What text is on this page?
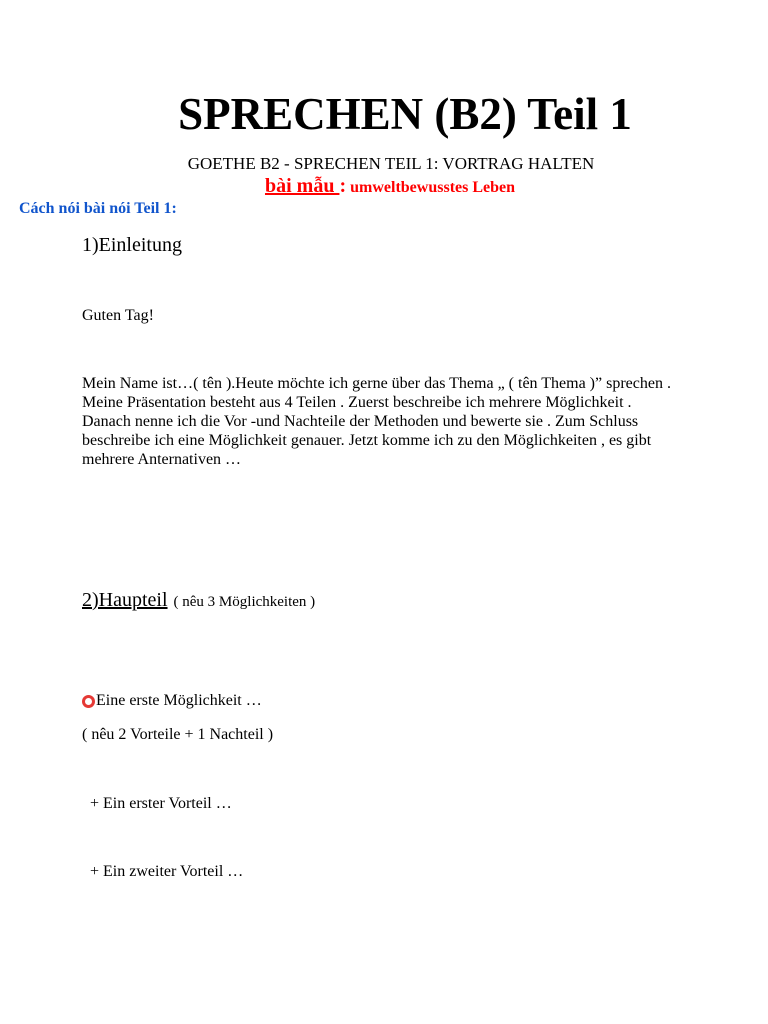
SPRECHEN (B2) Teil 1
GOETHE B2 - SPRECHEN TEIL 1: VORTRAG HALTEN
bài mẫu : umweltbewusstes Leben
Cách nói bài nói Teil 1:
1)Einleitung
Guten Tag!
Mein Name ist…( tên ).Heute möchte ich gerne über das Thema „ ( tên Thema )” sprechen .
Meine Präsentation besteht aus 4 Teilen . Zuerst beschreibe ich mehrere Möglichkeit .
Danach nenne ich die Vor -und Nachteile der Methoden und bewerte sie . Zum Schluss
beschreibe ich eine Möglichkeit genauer. Jetzt komme ich zu den Möglichkeiten , es gibt
mehrere Anternativen …
2)Haupteil ( nêu 3 Möglichkeiten )
Eine erste Möglichkeit …
( nêu 2 Vorteile + 1 Nachteil )
+ Ein erster Vorteil …
+ Ein zweiter Vorteil …
